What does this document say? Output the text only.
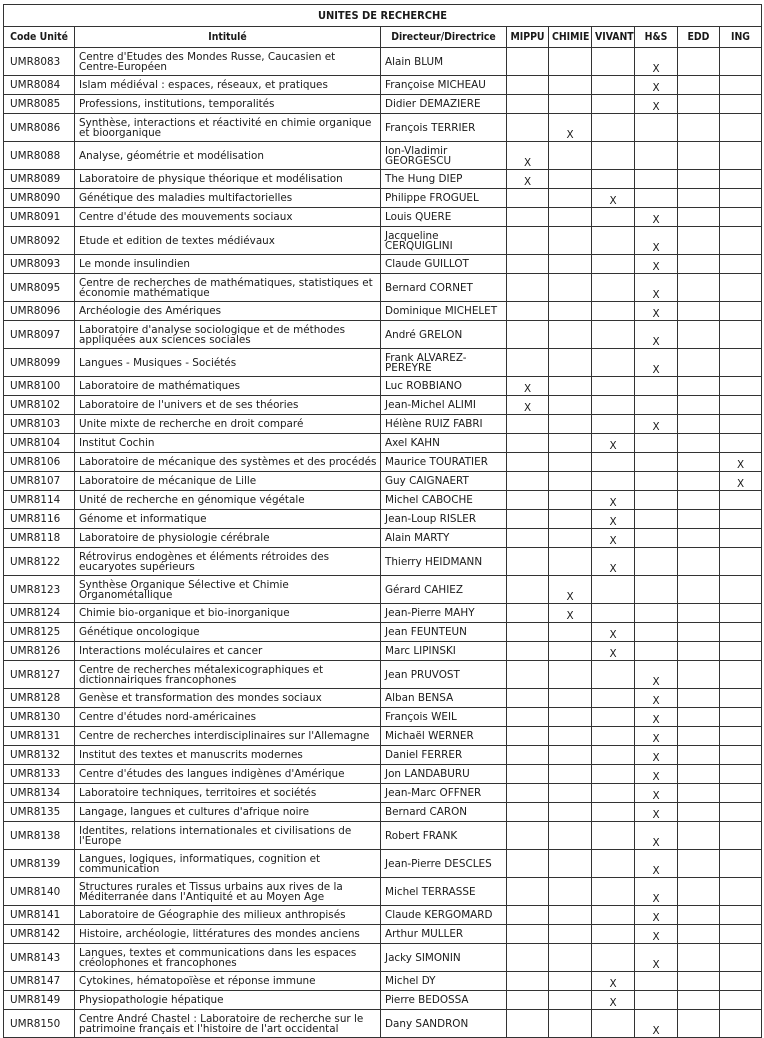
UNITES DE RECHERCHE								
Code Unité	Intitulé	Directeur/Directrice	MIPPU	CHIMIE	VIVANT	H&S	EDD	ING
UMR8083	Centre d'Etudes des Mondes Russe, Caucasien et Centre-Européen	Alain BLUM				X		
UMR8084	Islam médiéval : espaces, réseaux, et pratiques	Françoise MICHEAU				X		
UMR8085	Professions, institutions, temporalités	Didier DEMAZIERE				X		
UMR8086	Synthèse, interactions et réactivité en chimie organique et bioorganique	François TERRIER		X				
UMR8088	Analyse, géométrie et modélisation	Ion-Vladimir GEORGESCU	X					
UMR8089	Laboratoire de physique théorique et modélisation	The Hung DIEP	X					
UMR8090	Génétique des maladies multifactorielles	Philippe FROGUEL			X			
UMR8091	Centre d'étude des mouvements sociaux	Louis QUERE				X		
UMR8092	Etude et edition de textes médiévaux	Jacqueline CERQUIGLINI				X		
UMR8093	Le monde insulindien	Claude GUILLOT				X		
UMR8095	Centre de recherches de mathématiques, statistiques et économie mathématique	Bernard CORNET				X		
UMR8096	Archéologie des Amériques	Dominique MICHELET				X		
UMR8097	Laboratoire d'analyse sociologique et de méthodes appliquées aux sciences sociales	André GRELON				X		
UMR8099	Langues - Musiques - Sociétés	Frank ALVAREZ-PEREYRE				X		
UMR8100	Laboratoire de mathématiques	Luc ROBBIANO	X					
UMR8102	Laboratoire de l'univers et de ses théories	Jean-Michel ALIMI	X					
UMR8103	Unite mixte de recherche en droit comparé	Hélène RUIZ FABRI				X		
UMR8104	Institut Cochin	Axel KAHN			X			
UMR8106	Laboratoire de mécanique des systèmes et des procédés	Maurice TOURATIER						X
UMR8107	Laboratoire de mécanique de Lille	Guy CAIGNAERT						X
UMR8114	Unité de recherche en génomique végétale	Michel CABOCHE			X			
UMR8116	Génome et informatique	Jean-Loup RISLER			X			
UMR8118	Laboratoire de physiologie cérébrale	Alain MARTY			X			
UMR8122	Rétrovirus endogènes et éléments rétroides des eucaryotes supérieurs	Thierry HEIDMANN			X			
UMR8123	Synthèse Organique Sélective et Chimie Organométallique	Gérard CAHIEZ		X				
UMR8124	Chimie bio-organique et bio-inorganique	Jean-Pierre MAHY		X				
UMR8125	Génétique oncologique	Jean FEUNTEUN			X			
UMR8126	Interactions moléculaires et cancer	Marc LIPINSKI			X			
UMR8127	Centre de recherches métalexicographiques et dictionnairiques francophones	Jean PRUVOST				X		
UMR8128	Genèse et transformation des mondes sociaux	Alban BENSA				X		
UMR8130	Centre d'études nord-américaines	François WEIL				X		
UMR8131	Centre de recherches interdisciplinaires sur l'Allemagne	Michaël WERNER				X		
UMR8132	Institut des textes et manuscrits modernes	Daniel FERRER				X		
UMR8133	Centre d'études des langues indigènes d'Amérique	Jon LANDABURU				X		
UMR8134	Laboratoire techniques, territoires et sociétés	Jean-Marc OFFNER				X		
UMR8135	Langage, langues et cultures d'afrique noire	Bernard CARON				X		
UMR8138	Identites, relations internationales et civilisations de l'Europe	Robert FRANK				X		
UMR8139	Langues, logiques, informatiques, cognition et communication	Jean-Pierre DESCLES				X		
UMR8140	Structures rurales et Tissus urbains aux rives de la Méditerranée dans l'Antiquité et au Moyen Age	Michel TERRASSE				X		
UMR8141	Laboratoire de Géographie des milieux anthropisés	Claude KERGOMARD				X		
UMR8142	Histoire, archéologie, littératures des mondes anciens	Arthur MULLER				X		
UMR8143	Langues, textes et communications dans les espaces créolophones et francophones	Jacky SIMONIN				X		
UMR8147	Cytokines, hématopoïèse et réponse immune	Michel DY			X			
UMR8149	Physiopathologie hépatique	Pierre BEDOSSA			X			
UMR8150	Centre André Chastel : Laboratoire de recherche sur le patrimoine français et l'histoire de l'art occidental	Dany SANDRON				X		
